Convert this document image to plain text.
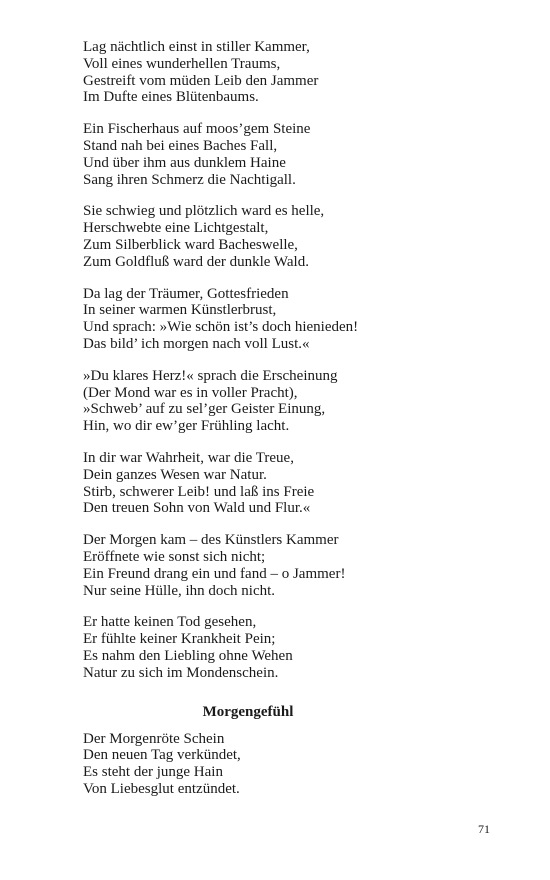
Lag nächtlich einst in stiller Kammer,
Voll eines wunderhellen Traums,
Gestreift vom müden Leib den Jammer
Im Dufte eines Blütenbaums.
Ein Fischerhaus auf moos’gem Steine
Stand nah bei eines Baches Fall,
Und über ihm aus dunklem Haine
Sang ihren Schmerz die Nachtigall.
Sie schwieg und plötzlich ward es helle,
Herschwebte eine Lichtgestalt,
Zum Silberblick ward Bacheswelle,
Zum Goldfluß ward der dunkle Wald.
Da lag der Träumer, Gottesfrieden
In seiner warmen Künstlerbrust,
Und sprach: »Wie schön ist’s doch hienieden!
Das bild’ ich morgen nach voll Lust.«
»Du klares Herz!« sprach die Erscheinung
(Der Mond war es in voller Pracht),
»Schweb’ auf zu sel’ger Geister Einung,
Hin, wo dir ew’ger Frühling lacht.
In dir war Wahrheit, war die Treue,
Dein ganzes Wesen war Natur.
Stirb, schwerer Leib! und laß ins Freie
Den treuen Sohn von Wald und Flur.«
Der Morgen kam – des Künstlers Kammer
Eröffnete wie sonst sich nicht;
Ein Freund drang ein und fand – o Jammer!
Nur seine Hülle, ihn doch nicht.
Er hatte keinen Tod gesehen,
Er fühlte keiner Krankheit Pein;
Es nahm den Liebling ohne Wehen
Natur zu sich im Mondenschein.
Morgengefühl
Der Morgenröte Schein
Den neuen Tag verkündet,
Es steht der junge Hain
Von Liebesglut entzündet.
71
